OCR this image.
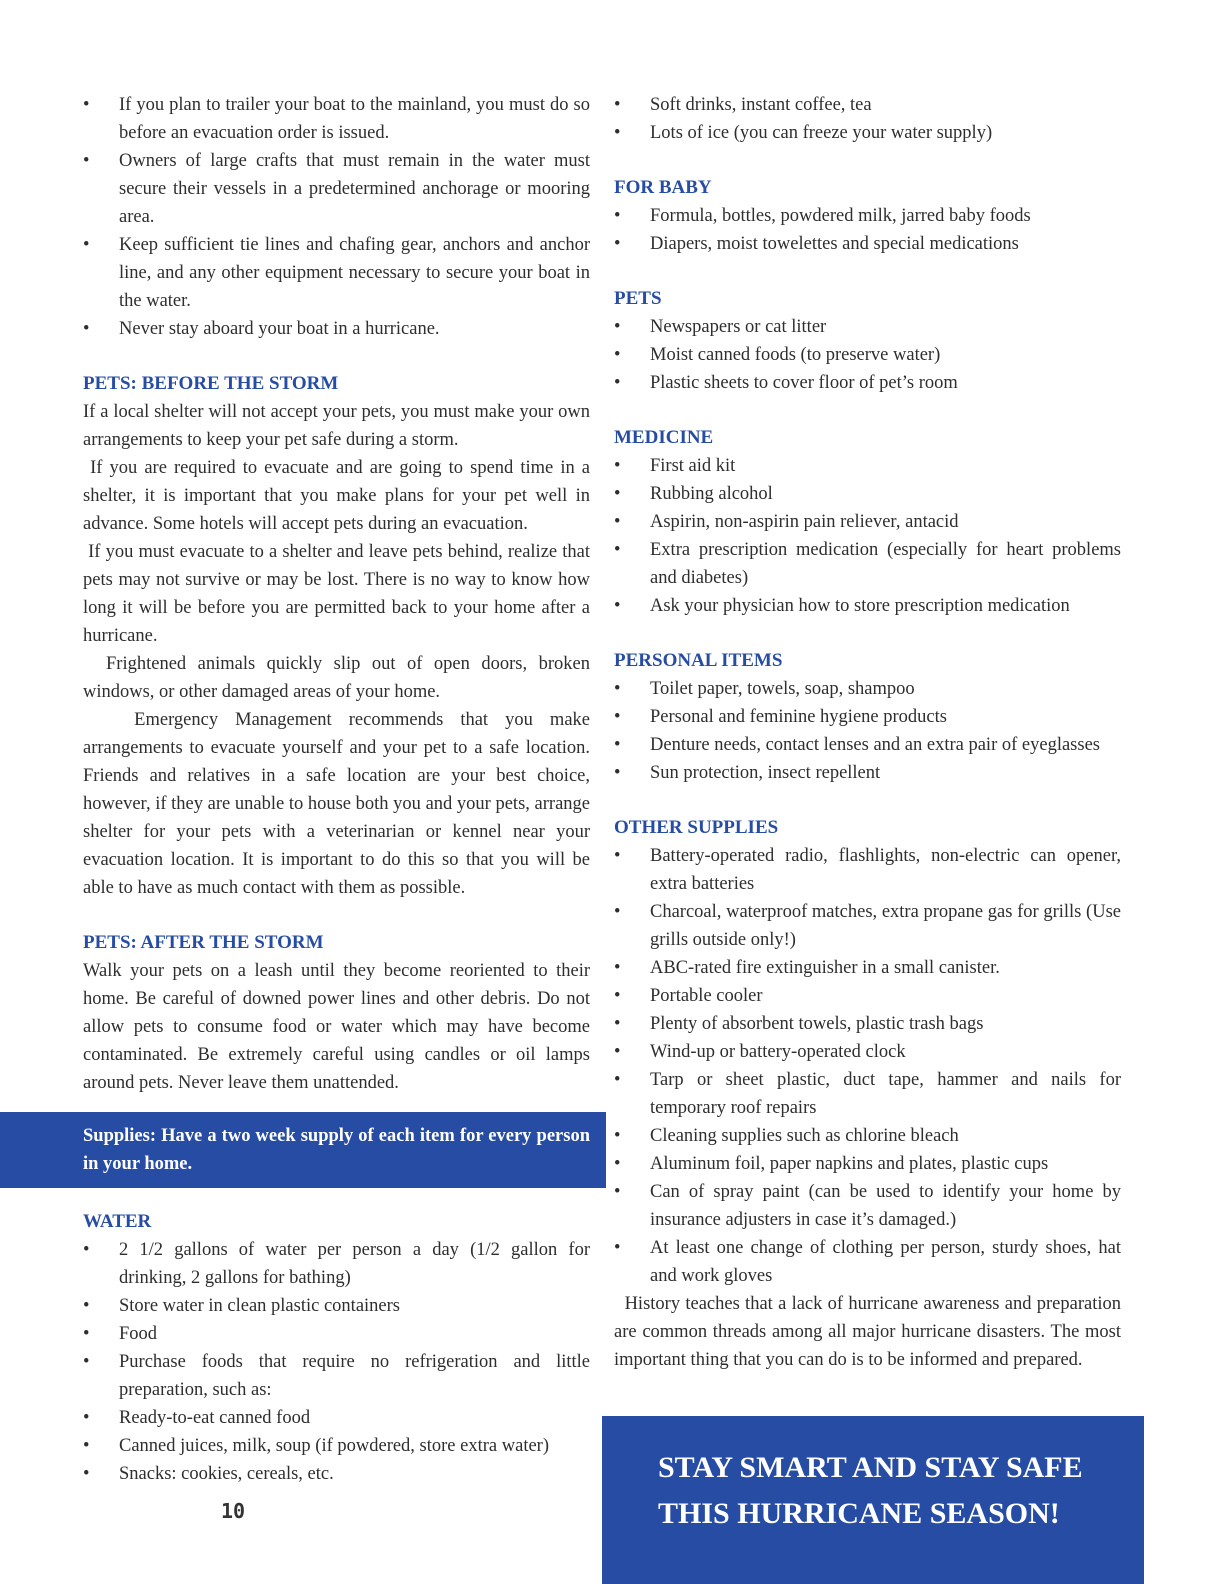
• If you plan to trailer your boat to the mainland, you must do so before an evacuation order is issued.
• Owners of large crafts that must remain in the water must secure their vessels in a predetermined anchorage or mooring area.
• Keep sufficient tie lines and chafing gear, anchors and anchor line, and any other equipment necessary to secure your boat in the water.
• Never stay aboard your boat in a hurricane.
PETS: BEFORE THE STORM

If a local shelter will not accept your pets, you must make your own arrangements to keep your pet safe during a storm.

If you are required to evacuate and are going to spend time in a shelter, it is important that you make plans for your pet well in advance. Some hotels will accept pets during an evacuation.

If you must evacuate to a shelter and leave pets behind, realize that pets may not survive or may be lost. There is no way to know how long it will be before you are permitted back to your home after a hurricane.

Frightened animals quickly slip out of open doors, broken windows, or other damaged areas of your home.

Emergency Management recommends that you make arrangements to evacuate yourself and your pet to a safe location. Friends and relatives in a safe location are your best choice, however, if they are unable to house both you and your pets, arrange shelter for your pets with a veterinarian or kennel near your evacuation location. It is important to do this so that you will be able to have as much contact with them as possible.

PETS: AFTER THE STORM

Walk your pets on a leash until they become reoriented to their home. Be careful of downed power lines and other debris. Do not allow pets to consume food or water which may have become contaminated. Be extremely careful using candles or oil lamps around pets. Never leave them unattended.

Supplies: Have a two week supply of each item for every person in your home.

WATER
• 2 1/2 gallons of water per person a day (1/2 gallon for drinking, 2 gallons for bathing)
• Store water in clean plastic containers
• Food
• Purchase foods that require no refrigeration and little preparation, such as:
• Ready-to-eat canned food
• Canned juices, milk, soup (if powdered, store extra water)
• Snacks: cookies, cereals, etc.
10
• Soft drinks, instant coffee, tea
• Lots of ice (you can freeze your water supply)
FOR BABY
• Formula, bottles, powdered milk, jarred baby foods
• Diapers, moist towelettes and special medications
PETS
• Newspapers or cat litter
• Moist canned foods (to preserve water)
• Plastic sheets to cover floor of pet’s room
MEDICINE
• First aid kit
• Rubbing alcohol
• Aspirin, non-aspirin pain reliever, antacid
• Extra prescription medication (especially for heart problems and diabetes)
• Ask your physician how to store prescription medication
PERSONAL ITEMS
• Toilet paper, towels, soap, shampoo
• Personal and feminine hygiene products
• Denture needs, contact lenses and an extra pair of eyeglasses
• Sun protection, insect repellent
OTHER SUPPLIES
• Battery-operated radio, flashlights, non-electric can opener, extra batteries
• Charcoal, waterproof matches, extra propane gas for grills (Use grills outside only!)
• ABC-rated fire extinguisher in a small canister.
• Portable cooler
• Plenty of absorbent towels, plastic trash bags
• Wind-up or battery-operated clock
• Tarp or sheet plastic, duct tape, hammer and nails for temporary roof repairs
• Cleaning supplies such as chlorine bleach
• Aluminum foil, paper napkins and plates, plastic cups
• Can of spray paint (can be used to identify your home by insurance adjusters in case it’s damaged.)
• At least one change of clothing per person, sturdy shoes, hat and work gloves

History teaches that a lack of hurricane awareness and preparation are common threads among all major hurricane disasters. The most important thing that you can do is to be informed and prepared.

STAY SMART AND STAY SAFE
THIS HURRICANE SEASON!
